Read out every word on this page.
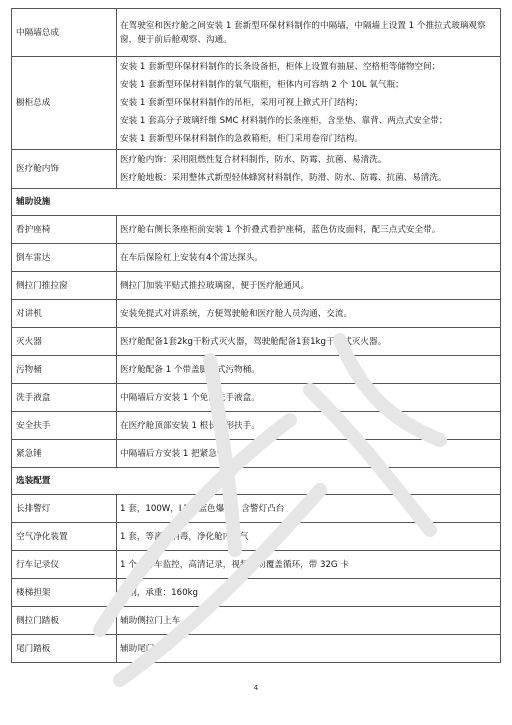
中隔墙总成	在驾驶室和医疗舱之间安装 1 套新型环保材料制作的中隔墙，中隔墙上设置 1 个推拉式玻璃观察窗，便于前后舱观察、沟通。
橱柜总成	安装 1 套新型环保材料制作的长条设备柜，柜体上设置有抽屉、空格柜等储物空间；
安装 1 套新型环保材料制作的氧气瓶柜，柜体内可容纳 2 个 10L 氧气瓶；
安装 1 套新型环保材料制作的吊柜，采用可视上掀式开门结构；
安装 1 套高分子玻璃纤维 SMC 材料制作的长条座柜，含坐垫、靠背、两点式安全带；
安装 1 套新型环保材料制作的急救箱柜，柜门采用卷帘门结构。

医疗舱内饰	医疗舱内饰：采用阻燃性复合材料制作，防水、防霉、抗菌、易清洗。
医疗舱地板：采用整体式新型轻体蜂窝材料制作，防滑、防水、防霉、抗菌、易清洗。

辅助设施	
看护座椅	医疗舱右侧长条座柜前安装 1 个折叠式看护座椅，蓝色仿皮面料，配三点式安全带。
倒车雷达	在车后保险杠上安装有4个雷达探头。
侧拉门推拉窗	侧拉门加装平贴式推拉玻璃窗，便于医疗舱通风。
对讲机	安装免提式对讲系统，方便驾驶舱和医疗舱人员沟通、交流。
灭火器	医疗舱配备1套2kg干粉式灭火器，驾驶舱配备1套1kg干粉式灭火器。
污物桶	医疗舱配备 1 个带盖脚踏式污物桶。
洗手液盒	中隔墙后方安装 1 个免洗洗手液盒。
安全扶手	在医疗舱顶部安装 1 根长条形扶手。
紧急锤	中隔墙后方安装 1 把紧急锤。
选装配置	
长排警灯	1 套，100W，LED 蓝色爆闪，含警灯凸台
空气净化装置	1 套，等离子消毒，净化舱内空气
行车记录仪	1 个，行车监控，高清记录，视频自动覆盖循环，带 32G 卡
楼梯担架	1 副，承重：160kg
侧拉门踏板	辅助侧拉门上车
尾门踏板	辅助尾门上车
4
